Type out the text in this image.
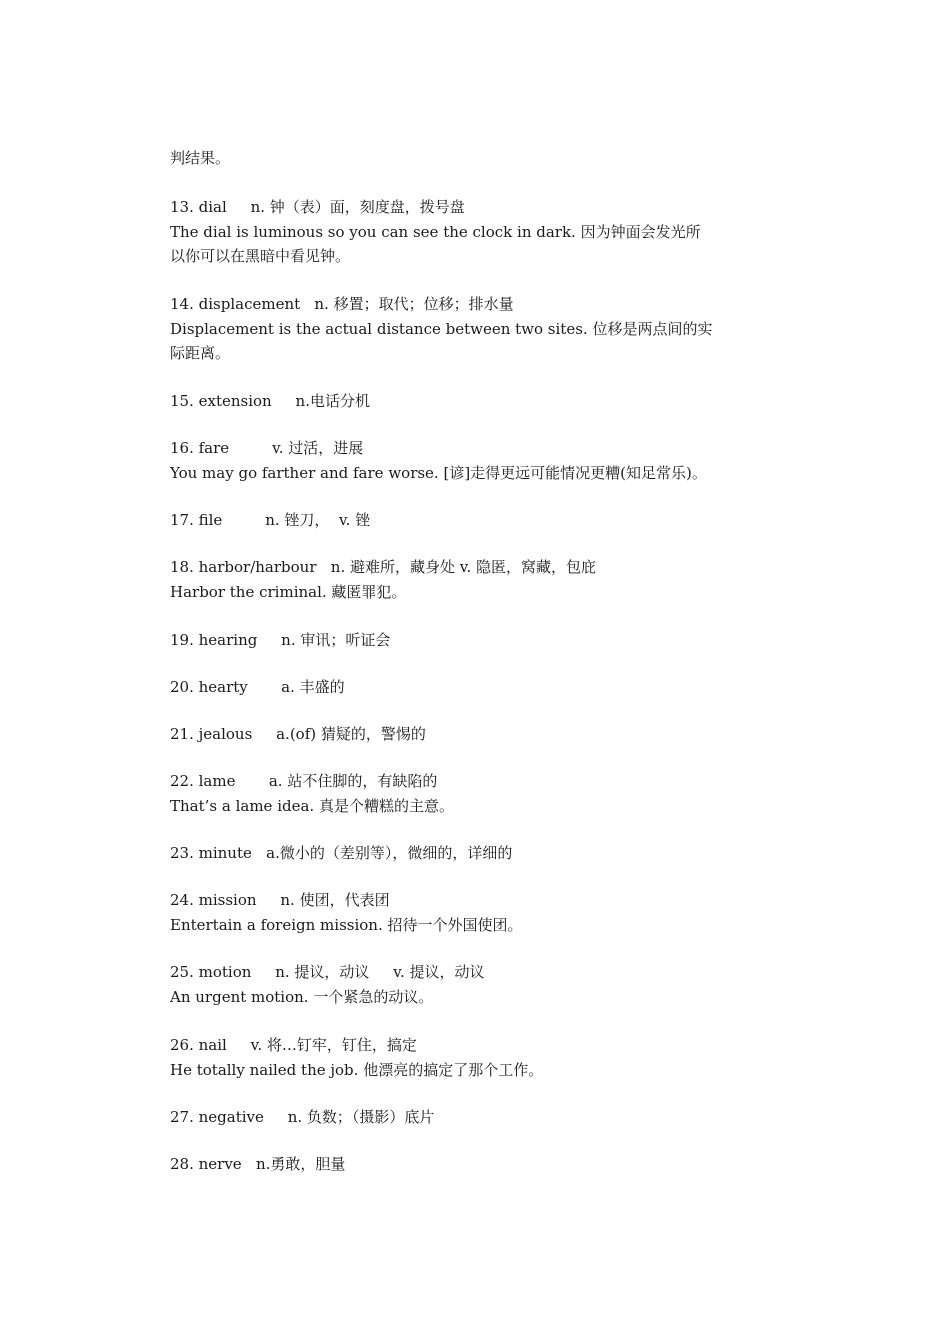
判结果。
13. dial     n. 钟（表）面，刻度盘，拨号盘
The dial is luminous so you can see the clock in dark. 因为钟面会发光所
以你可以在黑暗中看见钟。
14. displacement   n. 移置；取代；位移；排水量
Displacement is the actual distance between two sites. 位移是两点间的实
际距离。
15. extension     n.电话分机
16. fare         v. 过活，进展
You may go farther and fare worse. [谚]走得更远可能情况更糟(知足常乐)。
17. file         n. 锉刀，  v. 锉
18. harbor/harbour   n. 避难所，藏身处 v. 隐匿，窝藏，包庇
Harbor the criminal. 藏匿罪犯。
19. hearing     n. 审讯；听证会
20. hearty       a. 丰盛的
21. jealous     a.(of) 猜疑的，警惕的
22. lame       a. 站不住脚的，有缺陷的
That’s a lame idea. 真是个糟糕的主意。
23. minute   a.微小的（差别等），微细的，详细的
24. mission     n. 使团，代表团
Entertain a foreign mission. 招待一个外国使团。
25. motion     n. 提议，动议     v. 提议，动议
An urgent motion. 一个紧急的动议。
26. nail     v. 将…钉牢，钉住，搞定
He totally nailed the job. 他漂亮的搞定了那个工作。
27. negative     n. 负数；（摄影）底片
28. nerve   n.勇敢，胆量
